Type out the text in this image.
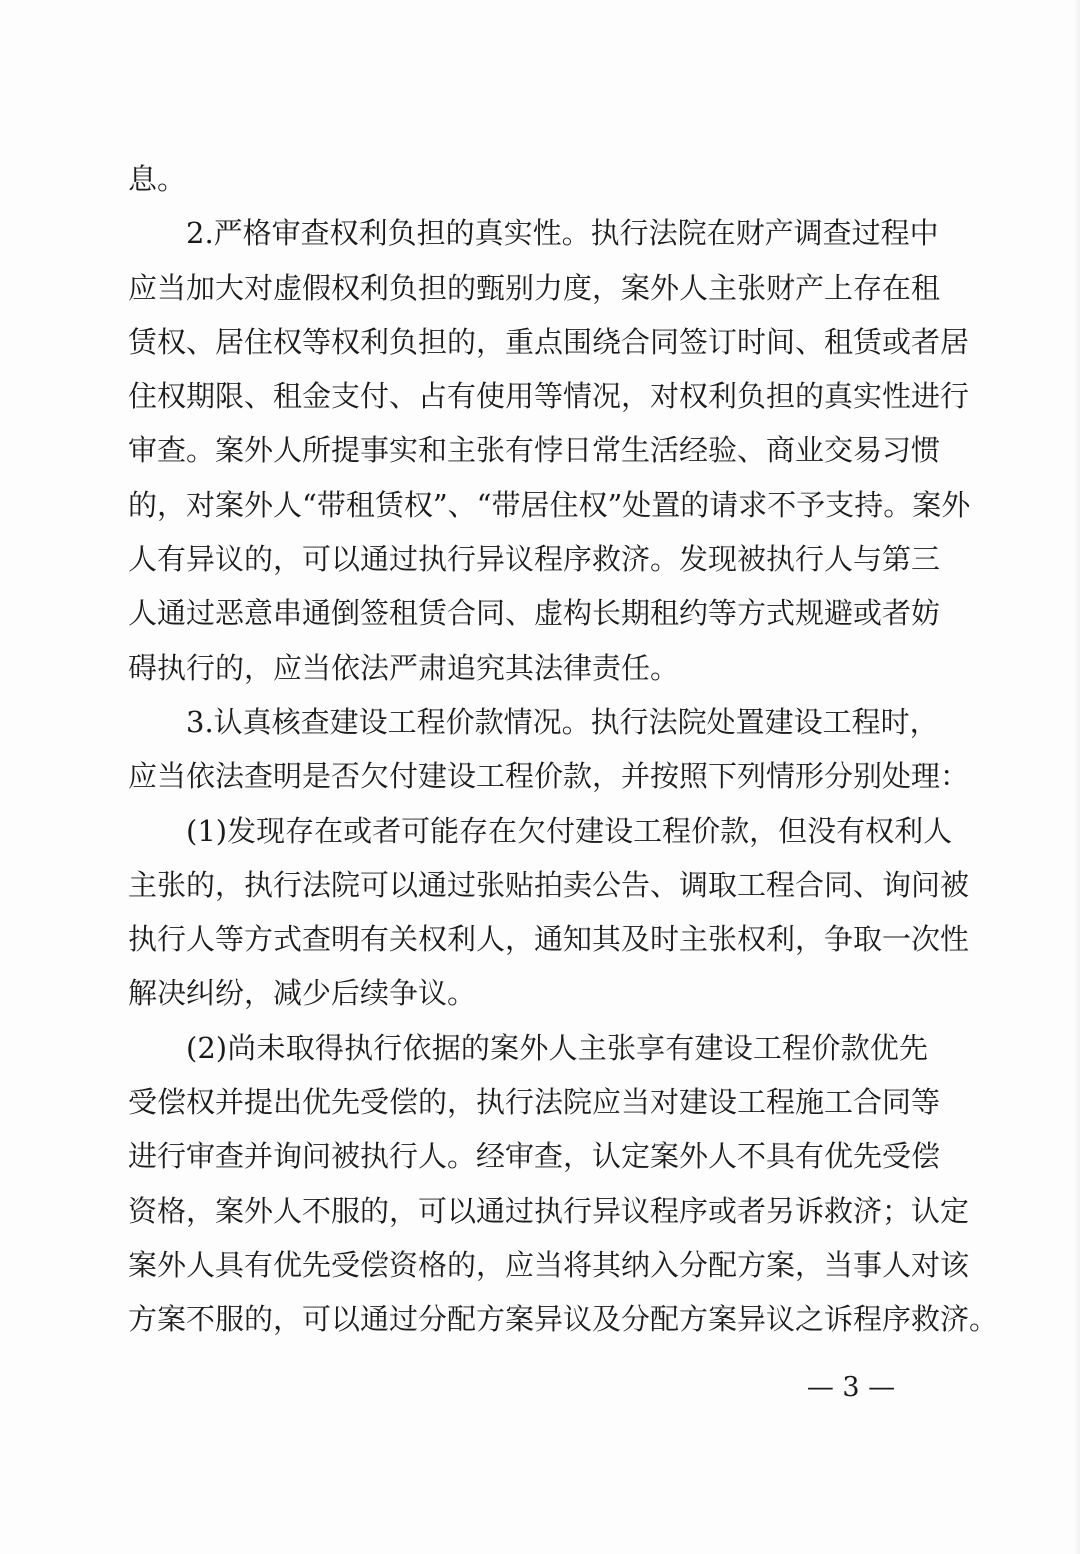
息。
2.严格审查权利负担的真实性。执行法院在财产调查过程中
应当加大对虚假权利负担的甄别力度，案外人主张财产上存在租
赁权、居住权等权利负担的，重点围绕合同签订时间、租赁或者居
住权期限、租金支付、占有使用等情况，对权利负担的真实性进行
审查。案外人所提事实和主张有悖日常生活经验、商业交易习惯
的，对案外人“带租赁权”、“带居住权”处置的请求不予支持。案外
人有异议的，可以通过执行异议程序救济。发现被执行人与第三
人通过恶意串通倒签租赁合同、虚构长期租约等方式规避或者妨
碍执行的，应当依法严肃追究其法律责任。
3.认真核查建设工程价款情况。执行法院处置建设工程时，
应当依法查明是否欠付建设工程价款，并按照下列情形分别处理：
(1)发现存在或者可能存在欠付建设工程价款，但没有权利人
主张的，执行法院可以通过张贴拍卖公告、调取工程合同、询问被
执行人等方式查明有关权利人，通知其及时主张权利，争取一次性
解决纠纷，减少后续争议。
(2)尚未取得执行依据的案外人主张享有建设工程价款优先
受偿权并提出优先受偿的，执行法院应当对建设工程施工合同等
进行审查并询问被执行人。经审查，认定案外人不具有优先受偿
资格，案外人不服的，可以通过执行异议程序或者另诉救济；认定
案外人具有优先受偿资格的，应当将其纳入分配方案，当事人对该
方案不服的，可以通过分配方案异议及分配方案异议之诉程序救济。
— 3 —
